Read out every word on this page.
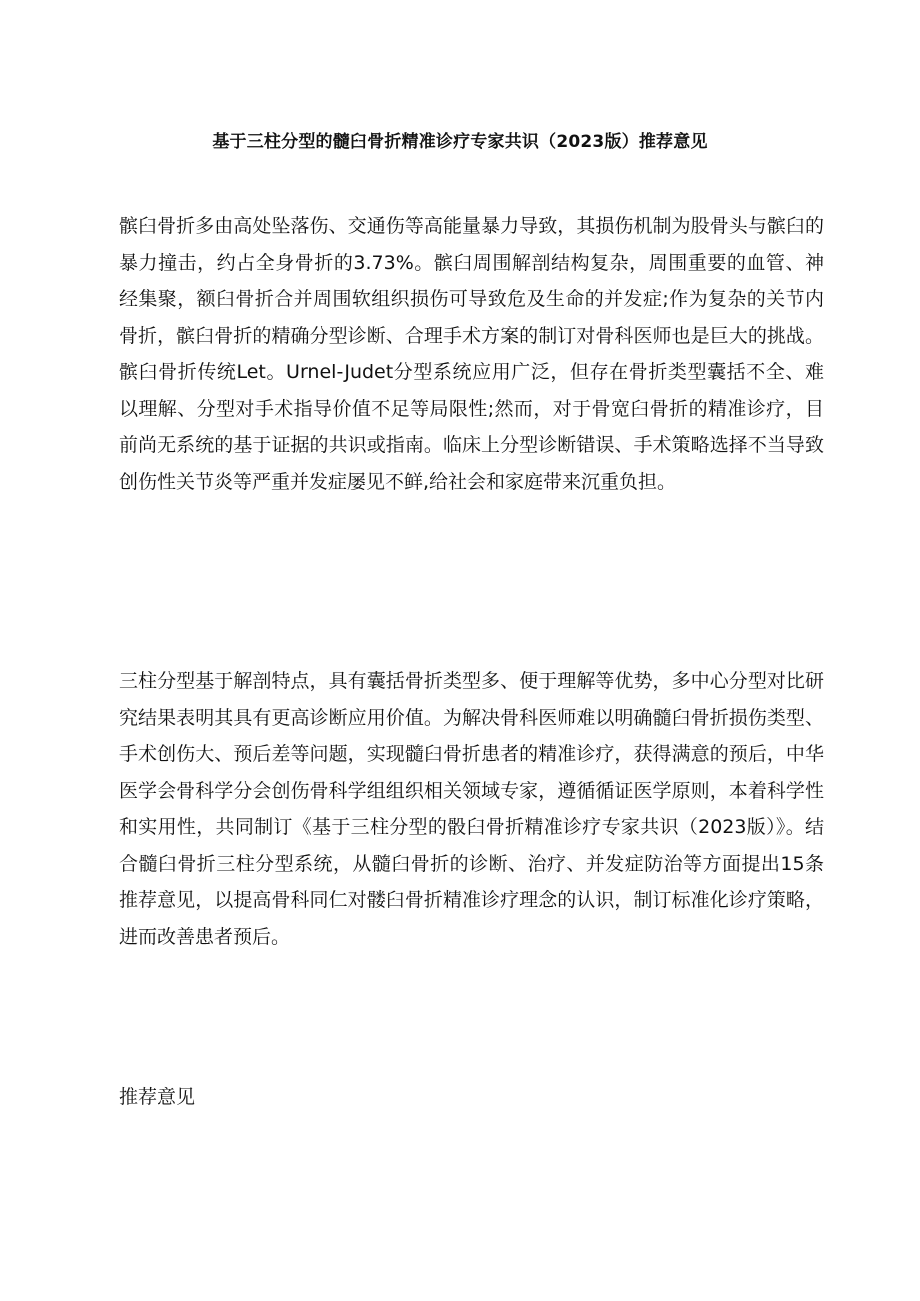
基于三柱分型的髓臼骨折精准诊疗专家共识（2023版）推荐意见

髌臼骨折多由高处坠落伤、交通伤等高能量暴力导致，其损伤机制为股骨头与髌臼的暴力撞击，约占全身骨折的3.73%。髌臼周围解剖结构复杂，周围重要的血管、神经集聚，额臼骨折合并周围软组织损伤可导致危及生命的并发症;作为复杂的关节内骨折，髌臼骨折的精确分型诊断、合理手术方案的制订对骨科医师也是巨大的挑战。髌臼骨折传统Let。Urnel-Judet分型系统应用广泛，但存在骨折类型囊括不全、难以理解、分型对手术指导价值不足等局限性;然而，对于骨宽臼骨折的精准诊疗，目前尚无系统的基于证据的共识或指南。临床上分型诊断错误、手术策略选择不当导致创伤性关节炎等严重并发症屡见不鲜,给社会和家庭带来沉重负担。

三柱分型基于解剖特点，具有囊括骨折类型多、便于理解等优势，多中心分型对比研究结果表明其具有更高诊断应用价值。为解决骨科医师难以明确髓臼骨折损伤类型、手术创伤大、预后差等问题，实现髓臼骨折患者的精准诊疗，获得满意的预后，中华医学会骨科学分会创伤骨科学组组织相关领域专家，遵循循证医学原则，本着科学性和实用性，共同制订《基于三柱分型的骰臼骨折精准诊疗专家共识（2023版）》。结合髓臼骨折三柱分型系统，从髓臼骨折的诊断、治疗、并发症防治等方面提出15条推荐意见，以提高骨科同仁对髅臼骨折精准诊疗理念的认识，制订标准化诊疗策略，进而改善患者预后。

推荐意见
